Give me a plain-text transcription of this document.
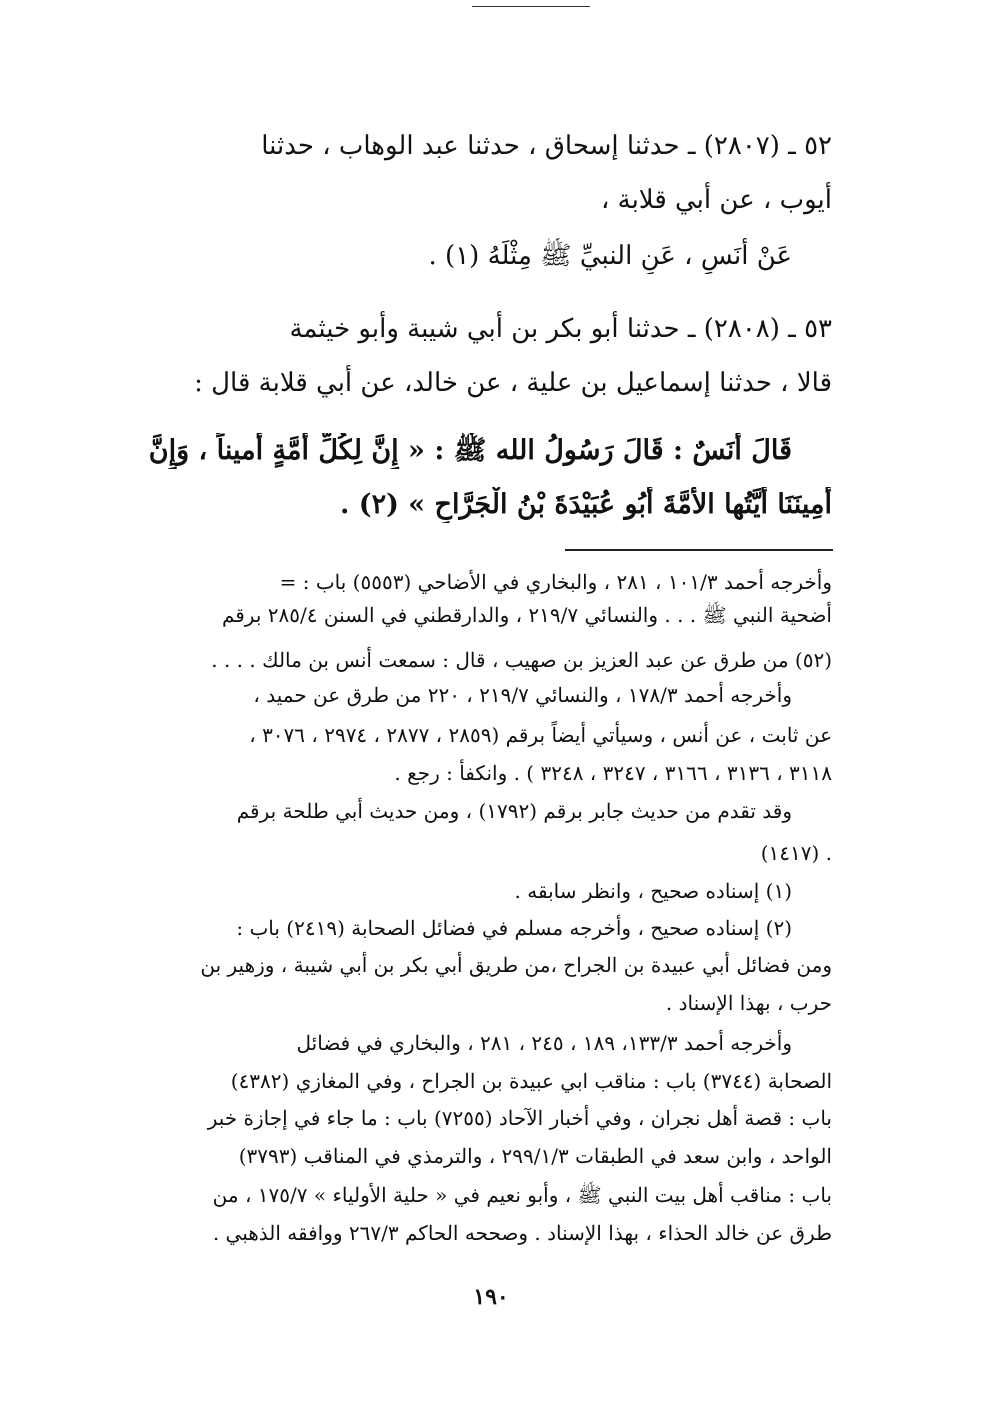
٥٢ ـ (٢٨٠٧) ـ حدثنا إسحاق ، حدثنا عبد الوهاب ، حدثنا
أيوب ، عن أبي قلابة ،
عَنْ أَنَسٍ ، عَنِ النبيِّ ﷺ مِثْلَهُ (١) .
٥٣ ـ (٢٨٠٨) ـ حدثنا أبو بكر بن أبي شيبة وأبو خيثمة
قالا ، حدثنا إسماعيل بن علية ، عن خالد، عن أبي قلابة قال :
قَالَ أَنَسٌ : قَالَ رَسُولُ الله ﷺ : « إِنَّ لِكُلِّ أُمَّةٍ أَميناً ، وَإِنَّ
أَمِينَنَا أَيَّتُها الأَمَّةَ أَبُو عُبَيْدَةَ بْنُ الْجَرَّاحِ » (٢) .
وأخرجه أحمد ١٠١/٣ ، ٢٨١ ، والبخاري في الأضاحي (٥٥٥٣) باب : =
أضحية النبي ﷺ . . . والنسائي ٢١٩/٧ ، والدارقطني في السنن ٢٨٥/٤ برقم
(٥٢) من طرق عن عبد العزيز بن صهيب ، قال : سمعت أنس بن مالك . . . .
وأخرجه أحمد ١٧٨/٣ ، والنسائي ٢١٩/٧ ، ٢٢٠ من طرق عن حميد ،
عن ثابت ، عن أنس ، وسيأتي أيضاً برقم (٢٨٥٩ ، ٢٨٧٧ ، ٢٩٧٤ ، ٣٠٧٦ ،
٣١١٨ ، ٣١٣٦ ، ٣١٦٦ ، ٣٢٤٧ ، ٣٢٤٨ ) . وانكفأ : رجع .
وقد تقدم من حديث جابر برقم (١٧٩٢) ، ومن حديث أبي طلحة برقم
(١٤١٧) .
(١) إسناده صحيح ، وانظر سابقه .
(٢) إسناده صحيح ، وأخرجه مسلم في فضائل الصحابة (٢٤١٩) باب :
ومن فضائل أبي عبيدة بن الجراح ،من طريق أبي بكر بن أبي شيبة ، وزهير بن
حرب ، بهذا الإسناد .
وأخرجه أحمد ١٣٣/٣، ١٨٩ ، ٢٤٥ ، ٢٨١ ، والبخاري في فضائل
الصحابة (٣٧٤٤) باب : مناقب ابي عبيدة بن الجراح ، وفي المغازي (٤٣٨٢)
باب : قصة أهل نجران ، وفي أخبار الآحاد (٧٢٥٥) باب : ما جاء في إجازة خبر
الواحد ، وابن سعد في الطبقات ٢٩٩/١/٣ ، والترمذي في المناقب (٣٧٩٣)
باب : مناقب أهل بيت النبي ﷺ ، وأبو نعيم في « حلية الأولياء » ١٧٥/٧ ، من
طرق عن خالد الحذاء ، بهذا الإسناد . وصححه الحاكم ٢٦٧/٣ ووافقه الذهبي .
١٩٠
